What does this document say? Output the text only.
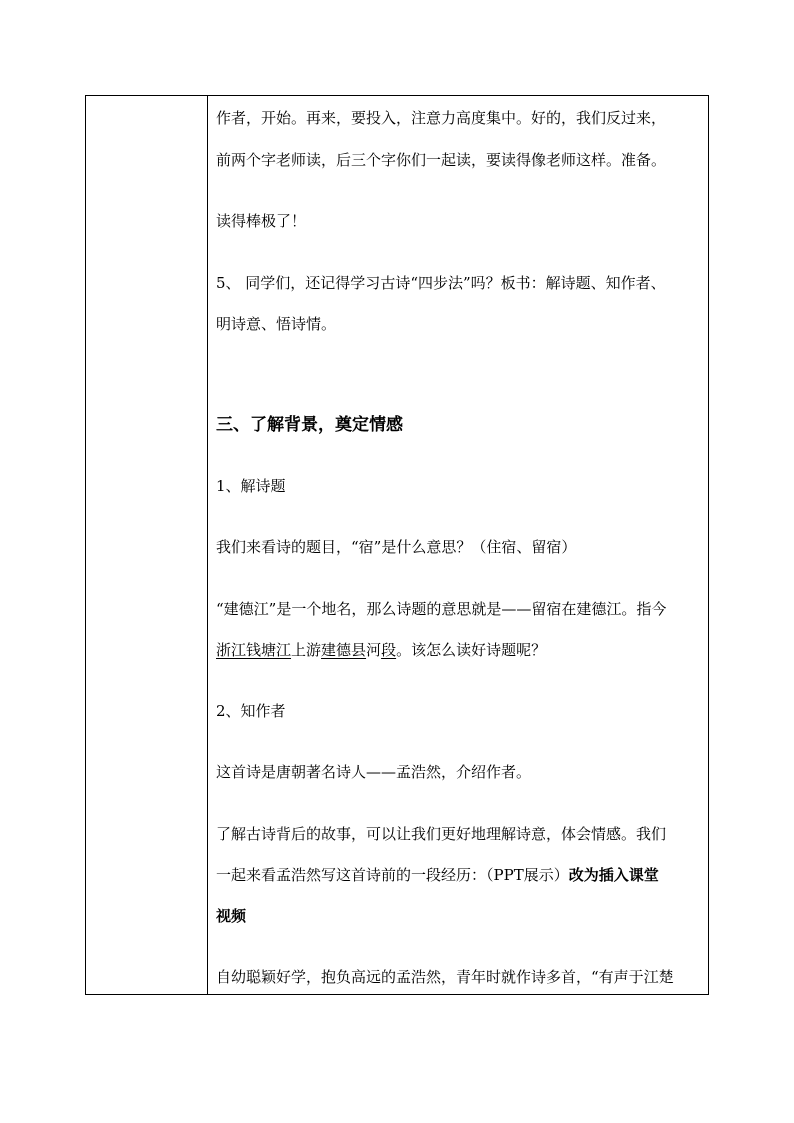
作者，开始。再来，要投入，注意力高度集中。好的，我们反过来，
前两个字老师读，后三个字你们一起读，要读得像老师这样。准备。
读得棒极了！
5、 同学们，还记得学习古诗“四步法”吗？板书：解诗题、知作者、
明诗意、悟诗情。
三、了解背景，奠定情感
1、解诗题
我们来看诗的题目，“宿”是什么意思？（住宿、留宿）
“建德江”是一个地名，那么诗题的意思就是——留宿在建德江。指今
浙江钱塘江上游建德县河段。该怎么读好诗题呢？
2、知作者
这首诗是唐朝著名诗人——孟浩然，介绍作者。
了解古诗背后的故事，可以让我们更好地理解诗意，体会情感。我们
一起来看孟浩然写这首诗前的一段经历：（PPT展示）改为插入课堂
视频
自幼聪颖好学，抱负高远的孟浩然，青年时就作诗多首，“有声于江楚
